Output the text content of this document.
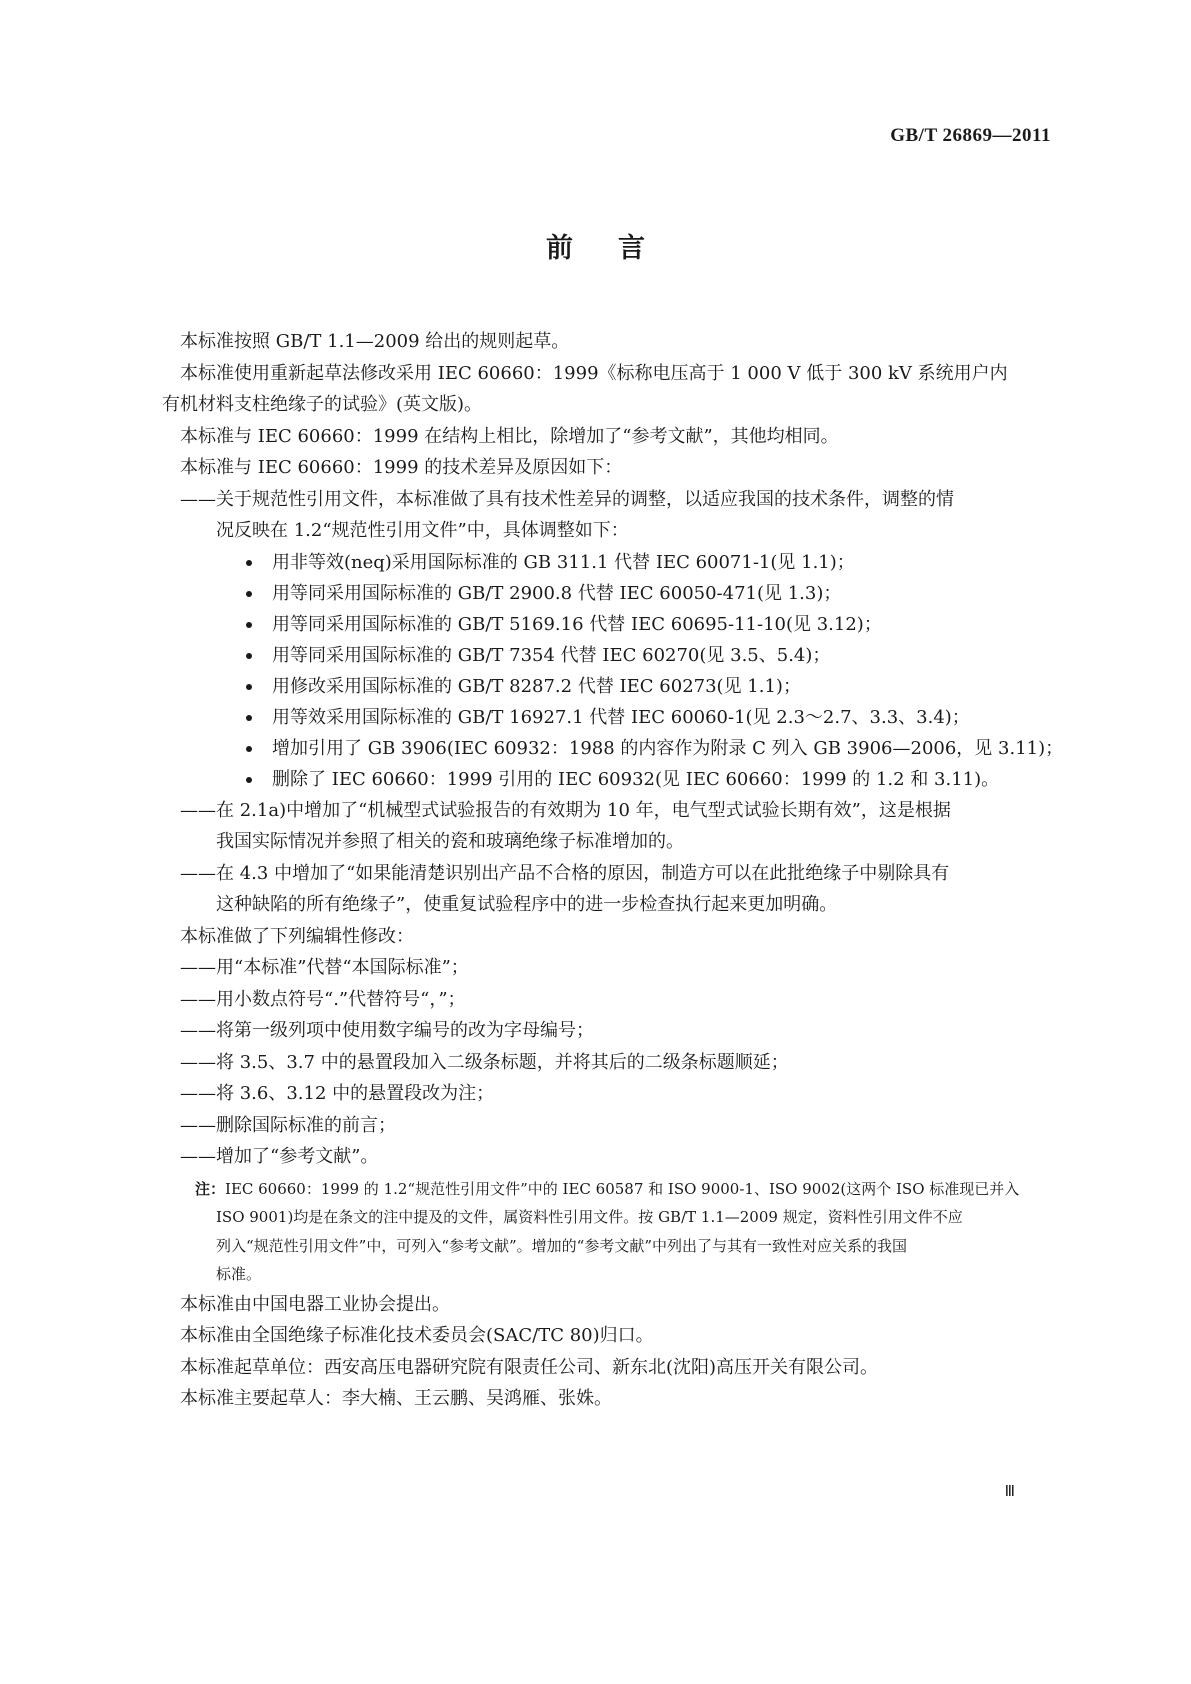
GB/T 26869—2011
前言
本标准按照 GB/T 1.1—2009 给出的规则起草。
本标准使用重新起草法修改采用 IEC 60660：1999《标称电压高于 1 000 V 低于 300 kV 系统用户内
有机材料支柱绝缘子的试验》(英文版)。
本标准与 IEC 60660：1999 在结构上相比，除增加了“参考文献”，其他均相同。
本标准与 IEC 60660：1999 的技术差异及原因如下：
——关于规范性引用文件，本标准做了具有技术性差异的调整，以适应我国的技术条件，调整的情
况反映在 1.2“规范性引用文件”中，具体调整如下：
用非等效(neq)采用国际标准的 GB 311.1 代替 IEC 60071-1(见 1.1)；
用等同采用国际标准的 GB/T 2900.8 代替 IEC 60050-471(见 1.3)；
用等同采用国际标准的 GB/T 5169.16 代替 IEC 60695-11-10(见 3.12)；
用等同采用国际标准的 GB/T 7354 代替 IEC 60270(见 3.5、5.4)；
用修改采用国际标准的 GB/T 8287.2 代替 IEC 60273(见 1.1)；
用等效采用国际标准的 GB/T 16927.1 代替 IEC 60060-1(见 2.3～2.7、3.3、3.4)；
增加引用了 GB 3906(IEC 60932：1988 的内容作为附录 C 列入 GB 3906—2006，见 3.11)；
删除了 IEC 60660：1999 引用的 IEC 60932(见 IEC 60660：1999 的 1.2 和 3.11)。
——在 2.1a)中增加了“机械型式试验报告的有效期为 10 年，电气型式试验长期有效”，这是根据
我国实际情况并参照了相关的瓷和玻璃绝缘子标准增加的。
——在 4.3 中增加了“如果能清楚识别出产品不合格的原因，制造方可以在此批绝缘子中剔除具有
这种缺陷的所有绝缘子”，使重复试验程序中的进一步检查执行起来更加明确。
本标准做了下列编辑性修改：
——用“本标准”代替“本国际标准”；
——用小数点符号“.”代替符号“，”；
——将第一级列项中使用数字编号的改为字母编号；
——将 3.5、3.7 中的悬置段加入二级条标题，并将其后的二级条标题顺延；
——将 3.6、3.12 中的悬置段改为注；
——删除国际标准的前言；
——增加了“参考文献”。
注：IEC 60660：1999 的 1.2“规范性引用文件”中的 IEC 60587 和 ISO 9000-1、ISO 9002(这两个 ISO 标准现已并入
ISO 9001)均是在条文的注中提及的文件，属资料性引用文件。按 GB/T 1.1—2009 规定，资料性引用文件不应
列入“规范性引用文件”中，可列入“参考文献”。增加的“参考文献”中列出了与其有一致性对应关系的我国
标准。
本标准由中国电器工业协会提出。
本标准由全国绝缘子标准化技术委员会(SAC/TC 80)归口。
本标准起草单位：西安高压电器研究院有限责任公司、新东北(沈阳)高压开关有限公司。
本标准主要起草人：李大楠、王云鹏、吴鸿雁、张姝。
Ⅲ
